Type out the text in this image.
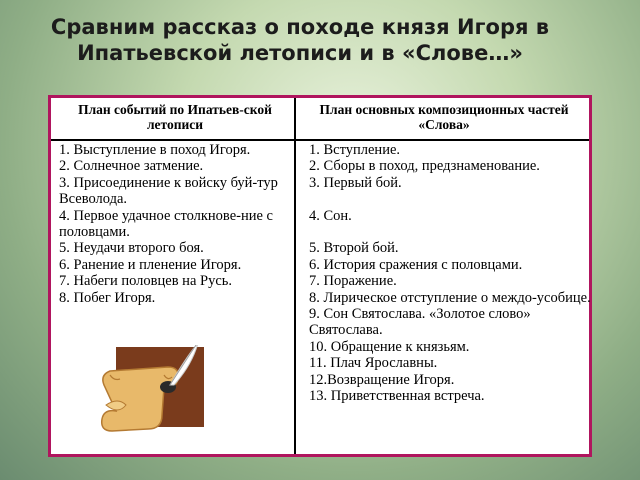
Сравним рассказ о походе князя Игоря в Ипатьевской летописи и в «Слове…»
План событий по Ипатьев-ской летописи
План основных композиционных частей «Слова»
1. Выступление в поход Игоря.
2. Солнечное затмение.
3. Присоединение к войску буй-тур Всеволода.
4. Первое удачное столкнове-ние с половцами.
5. Неудачи второго боя.
6. Ранение и пленение Игоря.
7. Набеги половцев на Русь.
8. Побег Игоря.
1. Вступление.
2. Сборы в поход, предзнаменование.
3. Первый бой.
4. Сон.
5. Второй бой.
6. История сражения с половцами.
7. Поражение.
8. Лирическое отступление о междо-усобице.
9. Сон Святослава. «Золотое слово» Святослава.
10. Обращение к князьям.
11. Плач Ярославны.
12.Возвращение Игоря.
13. Приветственная встреча.
